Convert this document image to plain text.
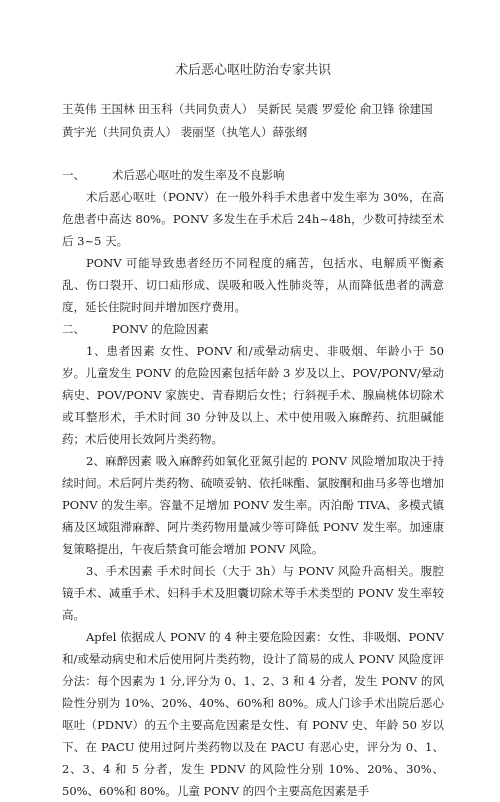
术后恶心呕吐防治专家共识

王英伟 王国林 田玉科（共同负责人） 吴新民 吴震 罗爱伦 俞卫锋 徐建国 黄宇光（共同负责人） 裴丽坚（执笔人）薛张纲

一、 术后恶心呕吐的发生率及不良影响

术后恶心呕吐（PONV）在一般外科手术患者中发生率为 30%，在高危患者中高达 80%。PONV 多发生在手术后 24h~48h，少数可持续至术后 3~5 天。

PONV 可能导致患者经历不同程度的痛苦，包括水、电解质平衡紊乱、伤口裂开、切口疝形成、误吸和吸入性肺炎等，从而降低患者的满意度，延长住院时间并增加医疗费用。

二、 PONV 的危险因素

1、患者因素 女性、PONV 和/或晕动病史、非吸烟、年龄小于 50 岁。儿童发生 PONV 的危险因素包括年龄 3 岁及以上、POV/PONV/晕动病史、POV/PONV 家族史、青春期后女性；行斜视手术、腺扁桃体切除术或耳整形术，手术时间 30 分钟及以上、术中使用吸入麻醉药、抗胆碱能药；术后使用长效阿片类药物。

2、麻醉因素 吸入麻醉药如氧化亚氮引起的 PONV 风险增加取决于持续时间。术后阿片类药物、硫喷妥钠、依托咪酯、氯胺酮和曲马多等也增加 PONV 的发生率。容量不足增加 PONV 发生率。丙泊酚 TIVA、多模式镇痛及区域阻滞麻醉、阿片类药物用量减少等可降低 PONV 发生率。加速康复策略提出，午夜后禁食可能会增加 PONV 风险。

3、手术因素 手术时间长（大于 3h）与 PONV 风险升高相关。腹腔镜手术、减重手术、妇科手术及胆囊切除术等手术类型的 PONV 发生率较高。

Apfel 依据成人 PONV 的 4 种主要危险因素：女性、非吸烟、PONV 和/或晕动病史和术后使用阿片类药物，设计了简易的成人 PONV 风险度评分法：每个因素为 1 分,评分为 0、1、2、3 和 4 分者，发生 PONV 的风险性分别为 10%、20%、40%、60%和 80%。成人门诊手术出院后恶心呕吐（PDNV）的五个主要高危因素是女性、有 PONV 史、年龄 50 岁以下、在 PACU 使用过阿片类药物以及在 PACU 有恶心史，评分为 0、1、2、3、4 和 5 分者，发生 PDNV 的风险性分别 10%、20%、30%、50%、60%和 80%。儿童 PONV 的四个主要高危因素是手
